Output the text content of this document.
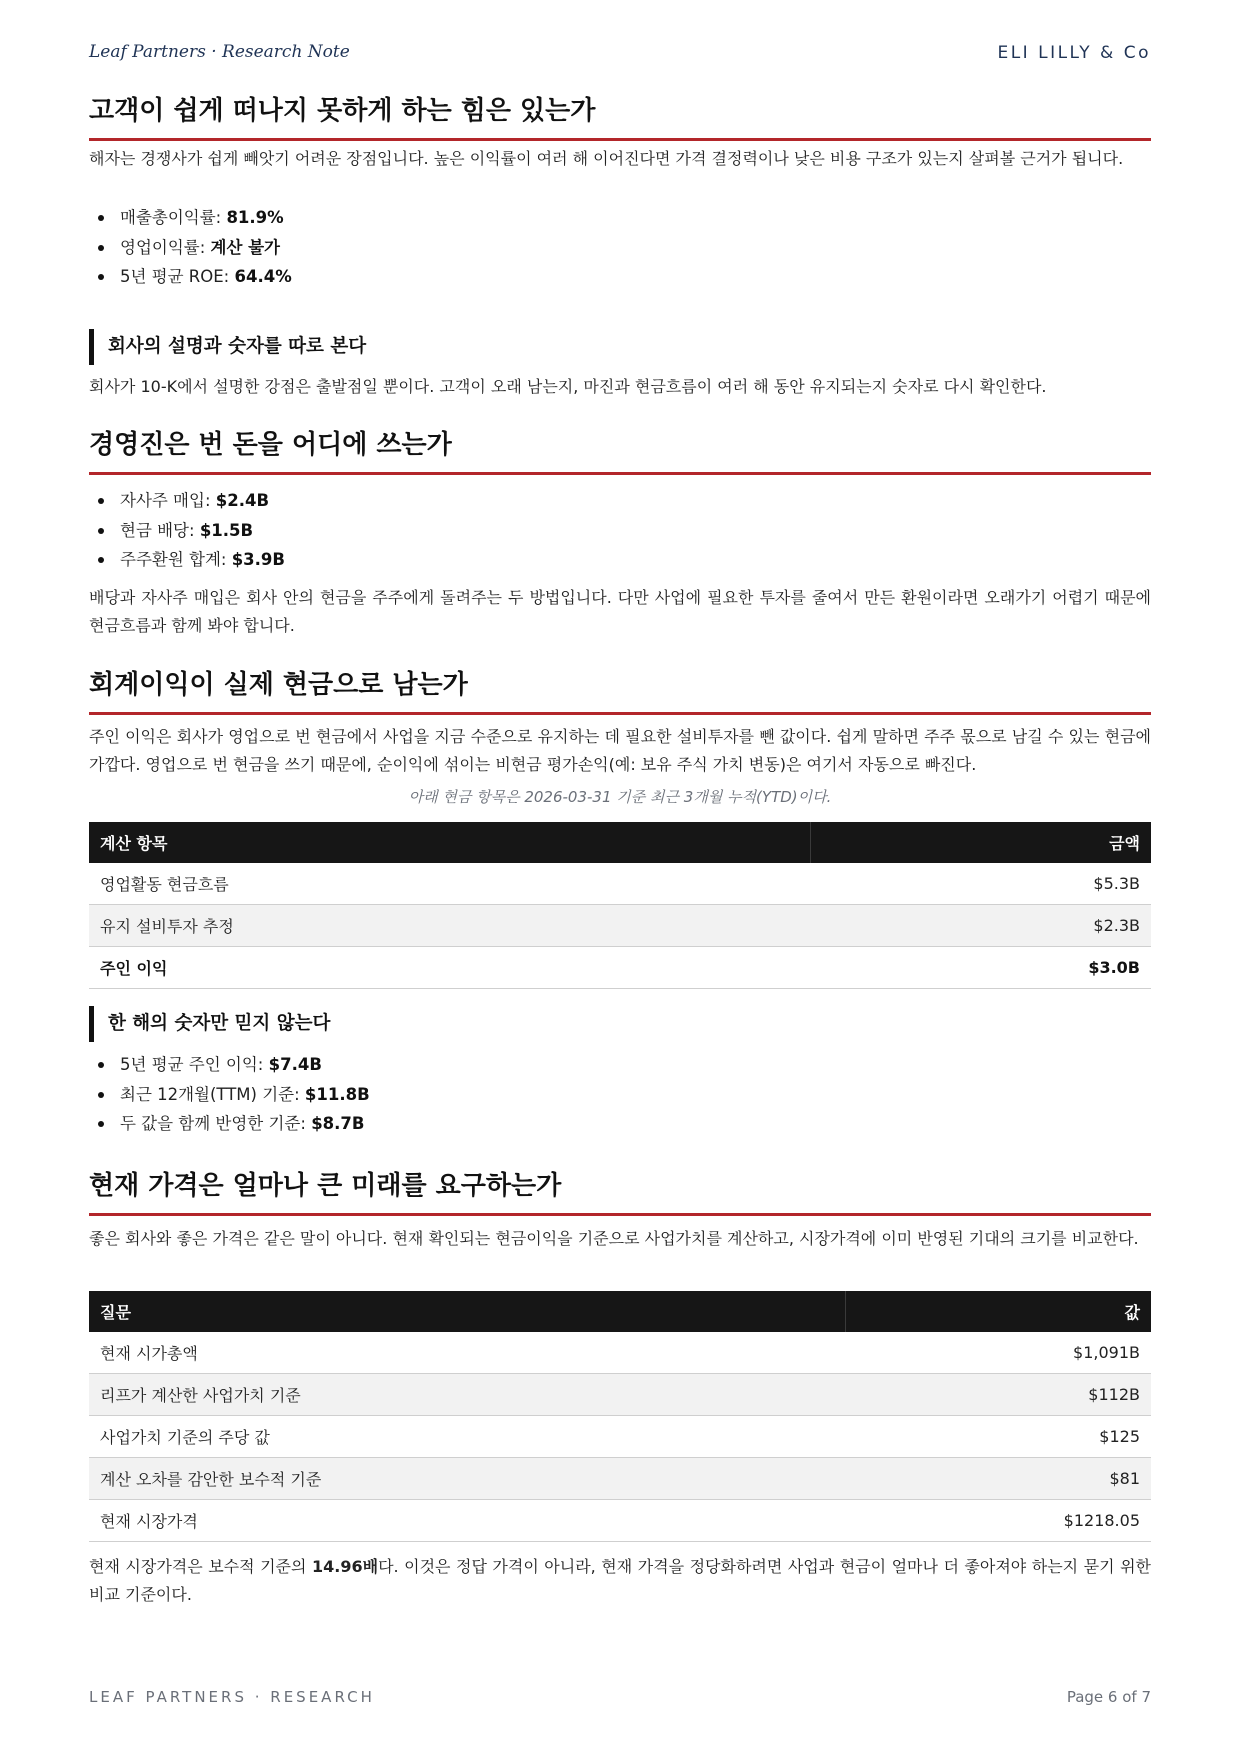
Leaf Partners · Research Note	ELI LILLY & Co
고객이 쉽게 떠나지 못하게 하는 힘은 있는가

해자는 경쟁사가 쉽게 빼앗기 어려운 장점입니다. 높은 이익률이 여러 해 이어진다면 가격 결정력이나 낮은 비용 구조가 있는지 살펴볼 근거가 됩니다.

매출총이익률: 81.9%
영업이익률: 계산 불가
5년 평균 ROE: 64.4%
회사의 설명과 숫자를 따로 본다

회사가 10-K에서 설명한 강점은 출발점일 뿐이다. 고객이 오래 남는지, 마진과 현금흐름이 여러 해 동안 유지되는지 숫자로 다시 확인한다.

경영진은 번 돈을 어디에 쓰는가
자사주 매입: $2.4B
현금 배당: $1.5B
주주환원 합계: $3.9B

배당과 자사주 매입은 회사 안의 현금을 주주에게 돌려주는 두 방법입니다. 다만 사업에 필요한 투자를 줄여서 만든 환원이라면 오래가기 어렵기 때문에 현금흐름과 함께 봐야 합니다.

회계이익이 실제 현금으로 남는가

주인 이익은 회사가 영업으로 번 현금에서 사업을 지금 수준으로 유지하는 데 필요한 설비투자를 뺀 값이다. 쉽게 말하면 주주 몫으로 남길 수 있는 현금에 가깝다. 영업으로 번 현금을 쓰기 때문에, 순이익에 섞이는 비현금 평가손익(예: 보유 주식 가치 변동)은 여기서 자동으로 빠진다.

아래 현금 항목은 2026-03-31 기준 최근 3개월 누적(YTD)이다.
계산 항목	금액
영업활동 현금흐름	$5.3B
유지 설비투자 추정	$2.3B
주인 이익	$3.0B
한 해의 숫자만 믿지 않는다
5년 평균 주인 이익: $7.4B
최근 12개월(TTM) 기준: $11.8B
두 값을 함께 반영한 기준: $8.7B
현재 가격은 얼마나 큰 미래를 요구하는가

좋은 회사와 좋은 가격은 같은 말이 아니다. 현재 확인되는 현금이익을 기준으로 사업가치를 계산하고, 시장가격에 이미 반영된 기대의 크기를 비교한다.

질문	값
현재 시가총액	$1,091B
리프가 계산한 사업가치 기준	$112B
사업가치 기준의 주당 값	$125
계산 오차를 감안한 보수적 기준	$81
현재 시장가격	$1218.05

현재 시장가격은 보수적 기준의 14.96배다. 이것은 정답 가격이 아니라, 현재 가격을 정당화하려면 사업과 현금이 얼마나 더 좋아져야 하는지 묻기 위한 비교 기준이다.

LEAF PARTNERS · RESEARCH	Page 6 of 7
